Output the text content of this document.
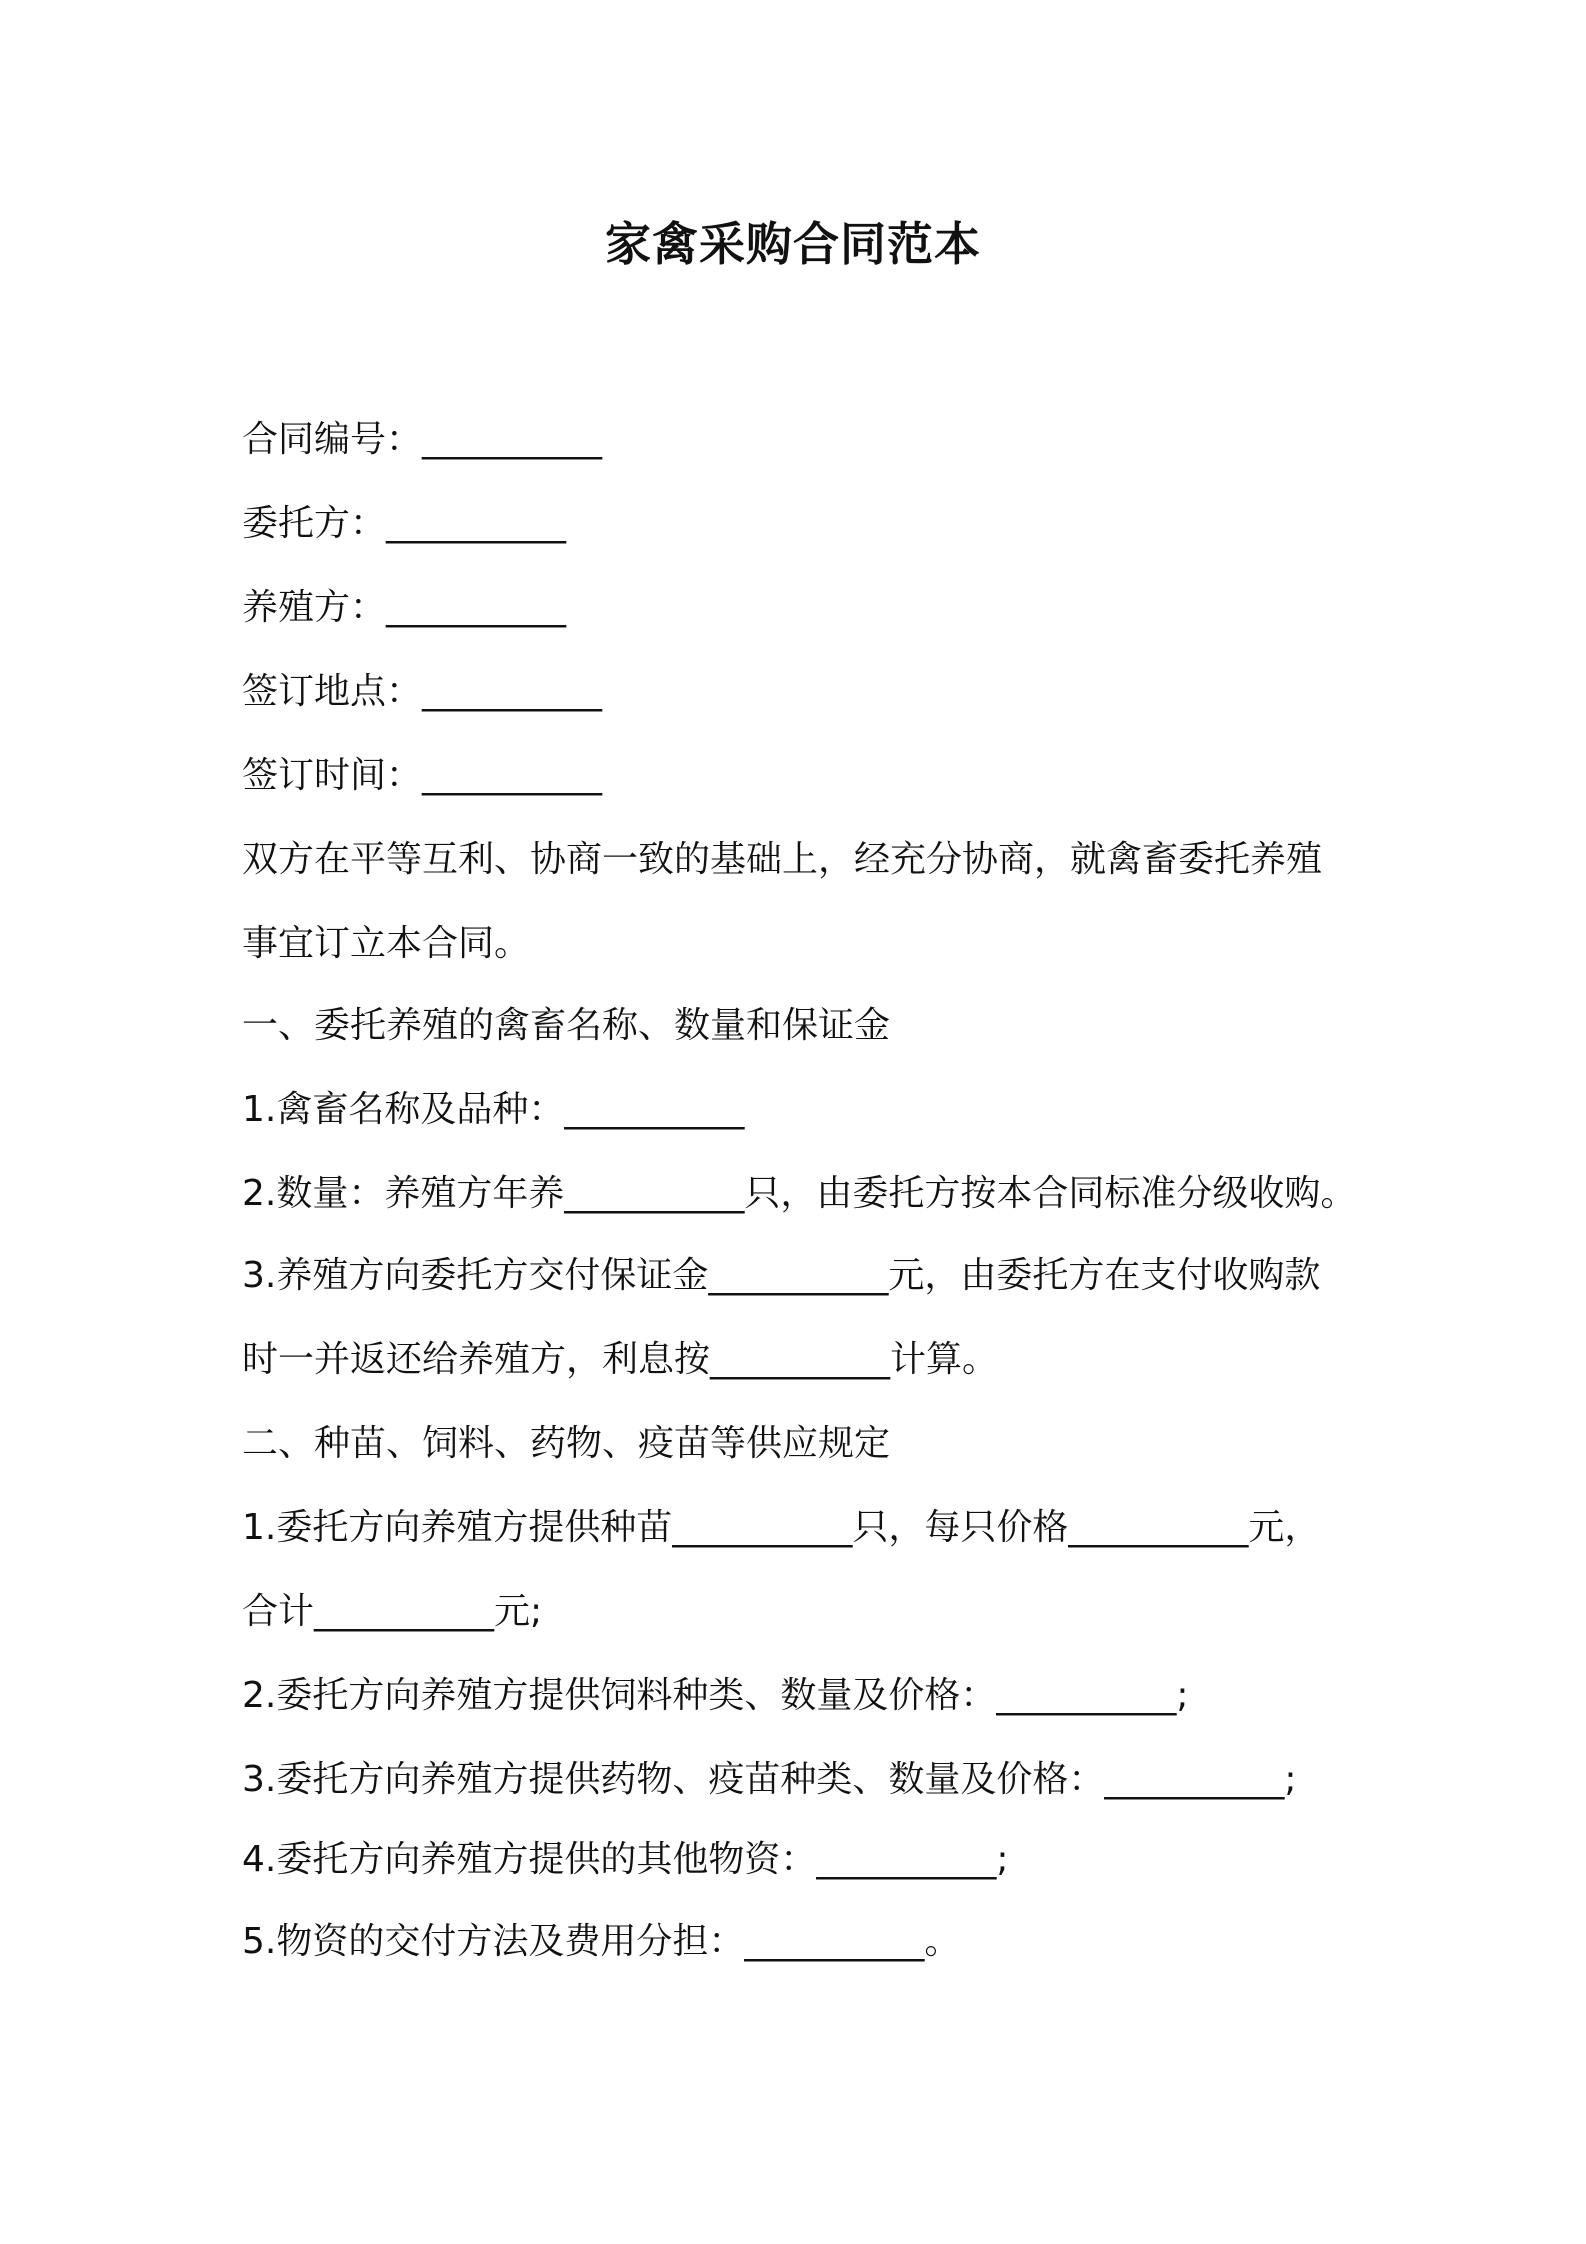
家禽采购合同范本

合同编号：__________

委托方：__________

养殖方：__________

签订地点：__________

签订时间：__________

双方在平等互利、协商一致的基础上，经充分协商，就禽畜委托养殖

事宜订立本合同。

一、委托养殖的禽畜名称、数量和保证金

1.禽畜名称及品种：__________

2.数量：养殖方年养__________只，由委托方按本合同标准分级收购。

3.养殖方向委托方交付保证金__________元，由委托方在支付收购款

时一并返还给养殖方，利息按__________计算。

二、种苗、饲料、药物、疫苗等供应规定

1.委托方向养殖方提供种苗__________只，每只价格__________元，

合计__________元;

2.委托方向养殖方提供饲料种类、数量及价格：__________;

3.委托方向养殖方提供药物、疫苗种类、数量及价格：__________;

4.委托方向养殖方提供的其他物资：__________;

5.物资的交付方法及费用分担：__________。
